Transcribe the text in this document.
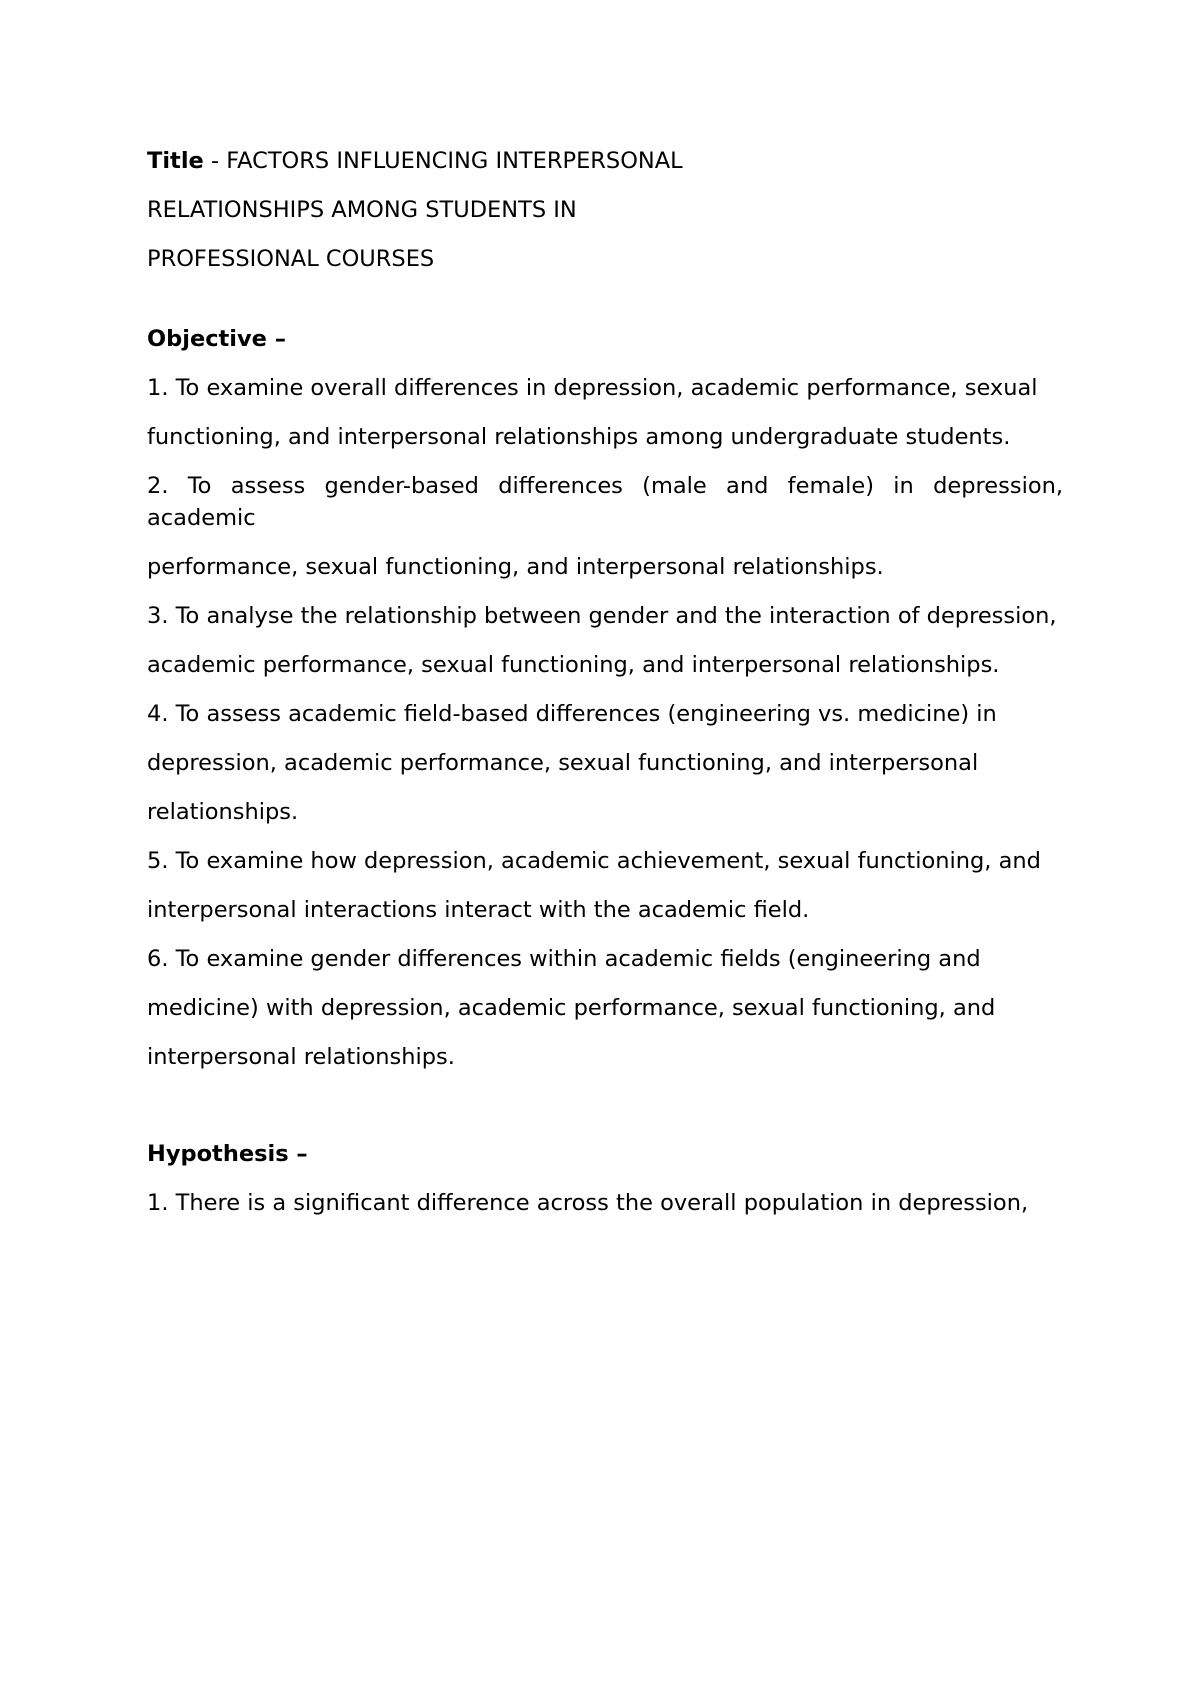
Title - FACTORS INFLUENCING INTERPERSONAL

RELATIONSHIPS AMONG STUDENTS IN

PROFESSIONAL COURSES

Objective –

1. To examine overall differences in depression, academic performance, sexual

functioning, and interpersonal relationships among undergraduate students.

2. To assess gender-based differences (male and female) in depression, academic

performance, sexual functioning, and interpersonal relationships.

3. To analyse the relationship between gender and the interaction of depression,

academic performance, sexual functioning, and interpersonal relationships.

4. To assess academic field-based differences (engineering vs. medicine) in

depression, academic performance, sexual functioning, and interpersonal

relationships.

5. To examine how depression, academic achievement, sexual functioning, and

interpersonal interactions interact with the academic field.

6. To examine gender differences within academic fields (engineering and

medicine) with depression, academic performance, sexual functioning, and

interpersonal relationships.

Hypothesis –

1. There is a significant difference across the overall population in depression,
